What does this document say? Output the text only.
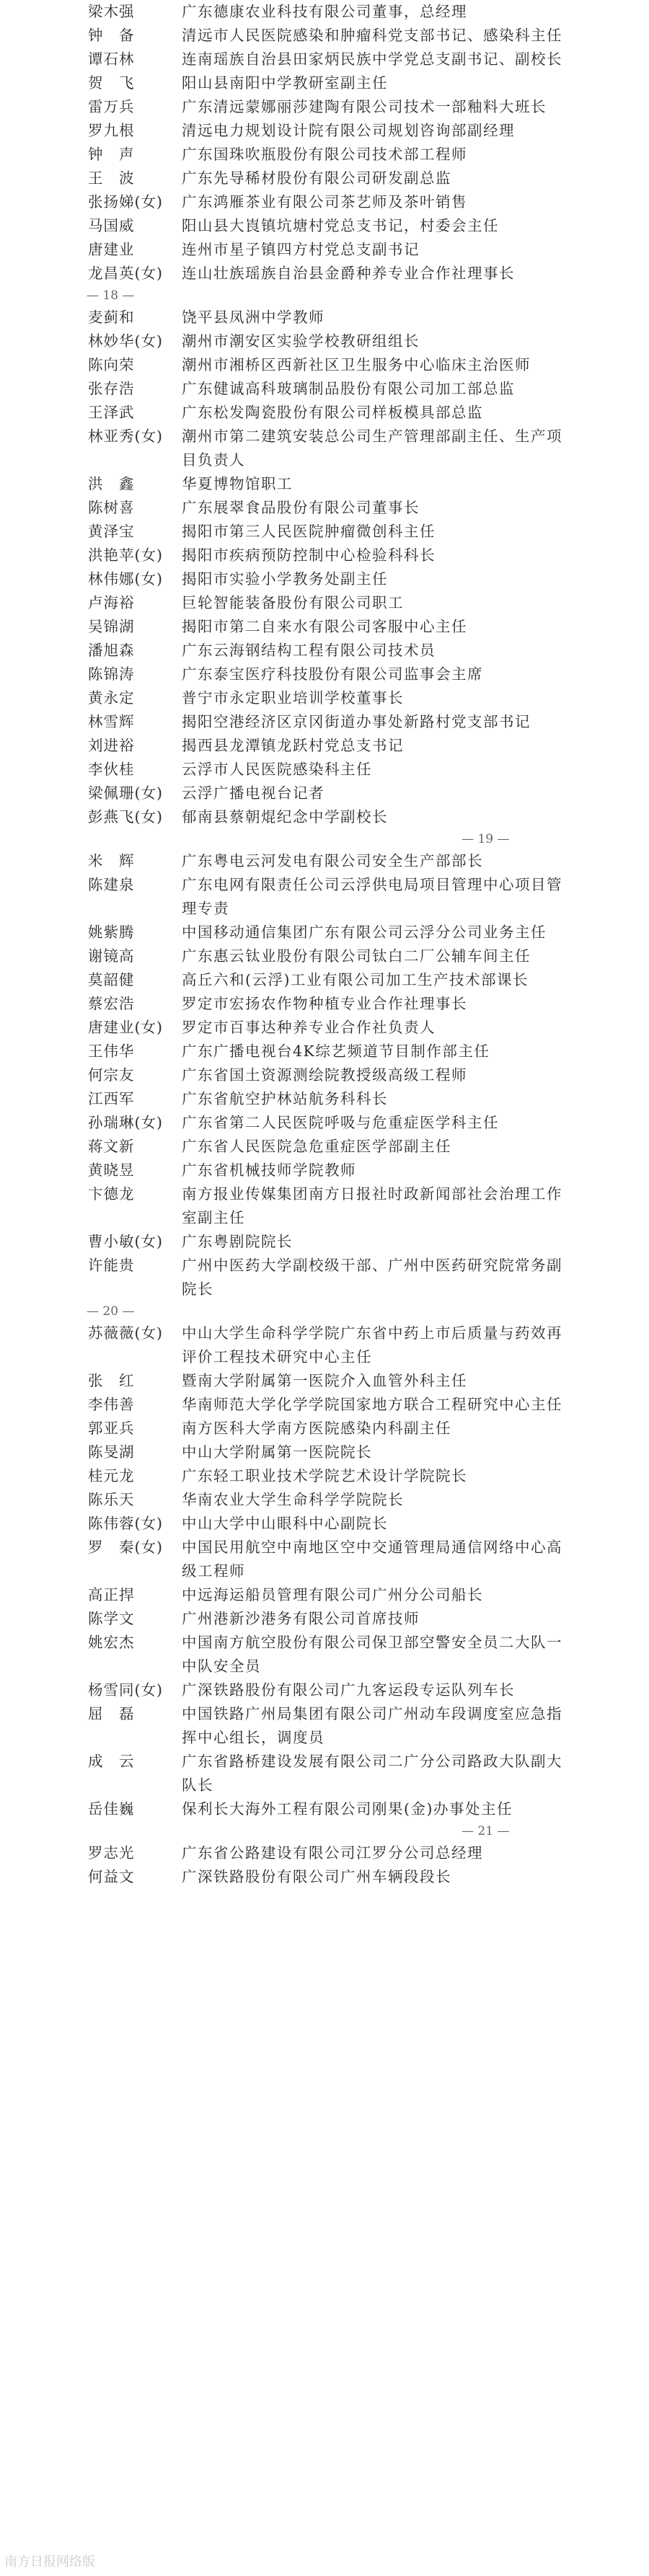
梁木强	广东德康农业科技有限公司董事，总经理
钟　备	清远市人民医院感染和肿瘤科党支部书记、感染科主任
谭石林	连南瑶族自治县田家炳民族中学党总支副书记、副校长
贺　飞	阳山县南阳中学教研室副主任
雷万兵	广东清远蒙娜丽莎建陶有限公司技术一部釉料大班长
罗九根	清远电力规划设计院有限公司规划咨询部副经理
钟　声	广东国珠吹瓶股份有限公司技术部工程师
王　波	广东先导稀材股份有限公司研发副总监
张扬娣(女)	广东鸿雁茶业有限公司茶艺师及茶叶销售
马国威	阳山县大崀镇坑塘村党总支书记，村委会主任
唐建业	连州市星子镇四方村党总支副书记
龙昌英(女)	连山壮族瑶族自治县金爵种养专业合作社理事长
— 18 —
麦蓟和	饶平县凤洲中学教师
林妙华(女)	潮州市潮安区实验学校教研组组长
陈向荣	潮州市湘桥区西新社区卫生服务中心临床主治医师
张存浩	广东健诚高科玻璃制品股份有限公司加工部总监
王泽武	广东松发陶瓷股份有限公司样板模具部总监
林亚秀(女)	潮州市第二建筑安装总公司生产管理部副主任、生产项目负责人
洪　鑫	华夏博物馆职工
陈树喜	广东展翠食品股份有限公司董事长
黄泽宝	揭阳市第三人民医院肿瘤微创科主任
洪艳苹(女)	揭阳市疾病预防控制中心检验科科长
林伟娜(女)	揭阳市实验小学教务处副主任
卢海裕	巨轮智能装备股份有限公司职工
吴锦湖	揭阳市第二自来水有限公司客服中心主任
潘旭森	广东云海钢结构工程有限公司技术员
陈锦涛	广东泰宝医疗科技股份有限公司监事会主席
黄永定	普宁市永定职业培训学校董事长
林雪辉	揭阳空港经济区京冈街道办事处新路村党支部书记
刘进裕	揭西县龙潭镇龙跃村党总支书记
李伙桂	云浮市人民医院感染科主任
梁佩珊(女)	云浮广播电视台记者
彭燕飞(女)	郁南县蔡朝焜纪念中学副校长
— 19 —
米　辉	广东粤电云河发电有限公司安全生产部部长
陈建泉	广东电网有限责任公司云浮供电局项目管理中心项目管理专责
姚紫腾	中国移动通信集团广东有限公司云浮分公司业务主任
谢镜高	广东惠云钛业股份有限公司钛白二厂公辅车间主任
莫韶健	高丘六和(云浮)工业有限公司加工生产技术部课长
蔡宏浩	罗定市宏扬农作物种植专业合作社理事长
唐建业(女)	罗定市百事达种养专业合作社负责人
王伟华	广东广播电视台4K综艺频道节目制作部主任
何宗友	广东省国土资源测绘院教授级高级工程师
江西军	广东省航空护林站航务科科长
孙瑞琳(女)	广东省第二人民医院呼吸与危重症医学科主任
蒋文新	广东省人民医院急危重症医学部副主任
黄晓昱	广东省机械技师学院教师
卞德龙	南方报业传媒集团南方日报社时政新闻部社会治理工作室副主任
曹小敏(女)	广东粤剧院院长
许能贵	广州中医药大学副校级干部、广州中医药研究院常务副院长
— 20 —
苏薇薇(女)	中山大学生命科学学院广东省中药上市后质量与药效再评价工程技术研究中心主任
张　红	暨南大学附属第一医院介入血管外科主任
李伟善	华南师范大学化学学院国家地方联合工程研究中心主任
郭亚兵	南方医科大学南方医院感染内科副主任
陈旻湖	中山大学附属第一医院院长
桂元龙	广东轻工职业技术学院艺术设计学院院长
陈乐天	华南农业大学生命科学学院院长
陈伟蓉(女)	中山大学中山眼科中心副院长
罗　秦(女)	中国民用航空中南地区空中交通管理局通信网络中心高级工程师
高正捍	中远海运船员管理有限公司广州分公司船长
陈学文	广州港新沙港务有限公司首席技师
姚宏杰	中国南方航空股份有限公司保卫部空警安全员二大队一中队安全员
杨雪同(女)	广深铁路股份有限公司广九客运段专运队列车长
屈　磊	中国铁路广州局集团有限公司广州动车段调度室应急指挥中心组长，调度员
成　云	广东省路桥建设发展有限公司二广分公司路政大队副大队长
岳佳巍	保利长大海外工程有限公司刚果(金)办事处主任
— 21 —
罗志光	广东省公路建设有限公司江罗分公司总经理
何益文	广深铁路股份有限公司广州车辆段段长
南方日报网络版
